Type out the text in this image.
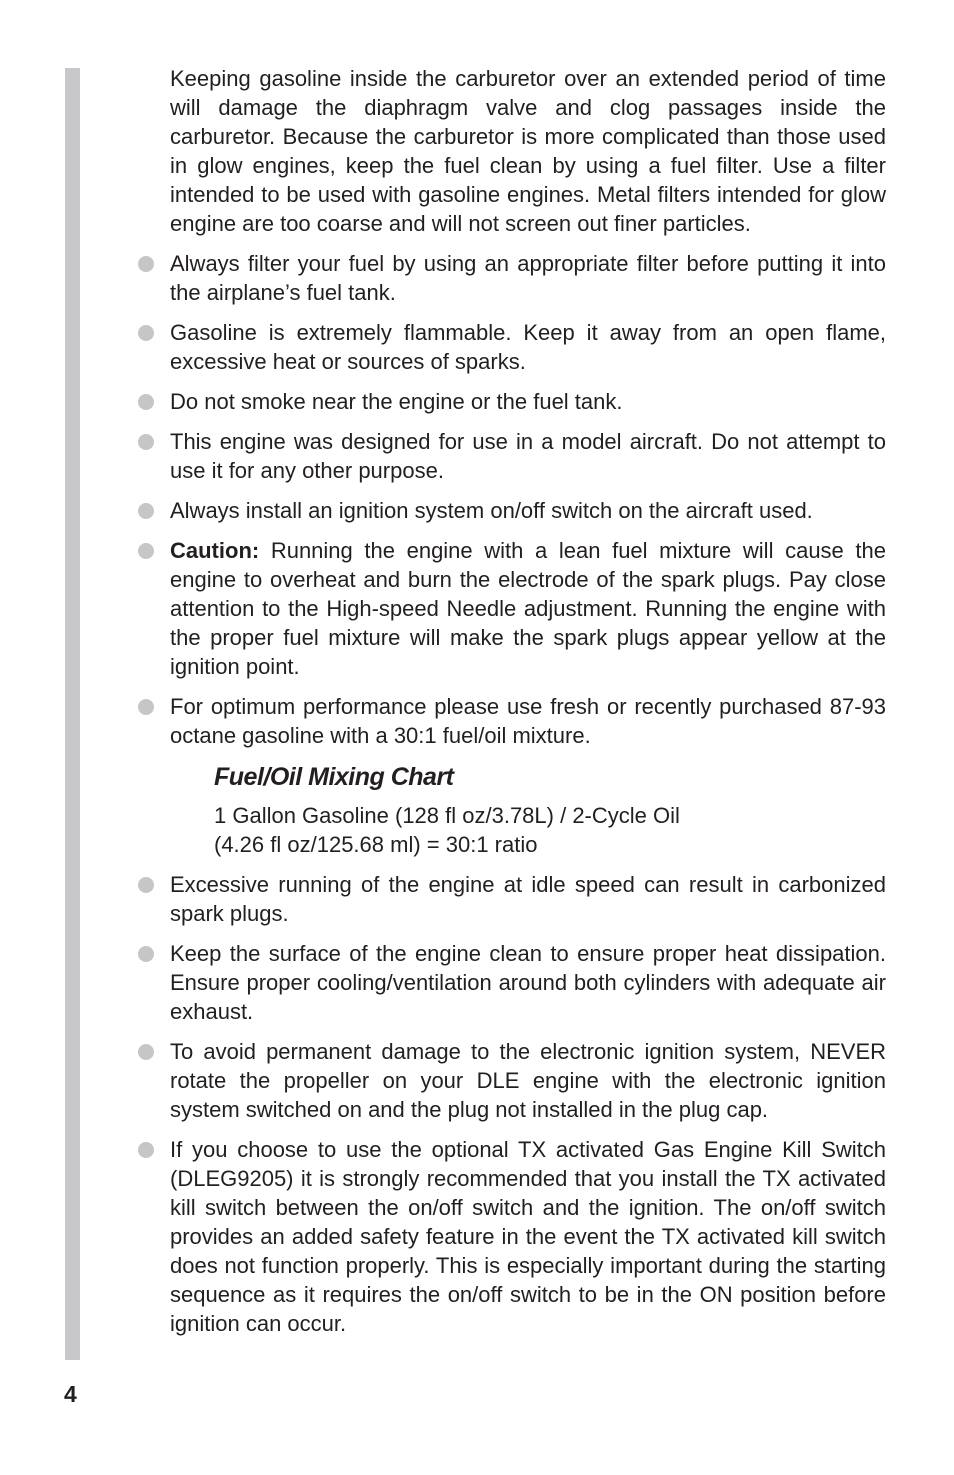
4

Keeping gasoline inside the carburetor over an extended period of time will damage the diaphragm valve and clog passages inside the carburetor. Because the carburetor is more complicated than those used in glow engines, keep the fuel clean by using a fuel filter. Use a filter intended to be used with gasoline engines. Metal filters intended for glow engine are too coarse and will not screen out finer particles.

Always filter your fuel by using an appropriate filter before putting it into the airplane’s fuel tank.
Gasoline is extremely flammable. Keep it away from an open flame, excessive heat or sources of sparks.
Do not smoke near the engine or the fuel tank.
This engine was designed for use in a model aircraft. Do not attempt to use it for any other purpose.
Always install an ignition system on/off switch on the aircraft used.
Caution: Running the engine with a lean fuel mixture will cause the engine to overheat and burn the electrode of the spark plugs. Pay close attention to the High-speed Needle adjustment. Running the engine with the proper fuel mixture will make the spark plugs appear yellow at the ignition point.
For optimum performance please use fresh or recently purchased 87-93 octane gasoline with a 30:1 fuel/oil mixture.
Fuel/Oil Mixing Chart
1 Gallon Gasoline (128 fl oz/3.78L) / 2-Cycle Oil
(4.26 fl oz/125.68 ml) = 30:1 ratio
Excessive running of the engine at idle speed can result in carbonized spark plugs.
Keep the surface of the engine clean to ensure proper heat dissipation. Ensure proper cooling/ventilation around both cylinders with adequate air exhaust.
To avoid permanent damage to the electronic ignition system, NEVER rotate the propeller on your DLE engine with the electronic ignition system switched on and the plug not installed in the plug cap.
If you choose to use the optional TX activated Gas Engine Kill Switch (DLEG9205) it is strongly recommended that you install the TX activated kill switch between the on/off switch and the ignition. The on/off switch provides an added safety feature in the event the TX activated kill switch does not function properly. This is especially important during the starting sequence as it requires the on/off switch to be in the ON position before ignition can occur.
